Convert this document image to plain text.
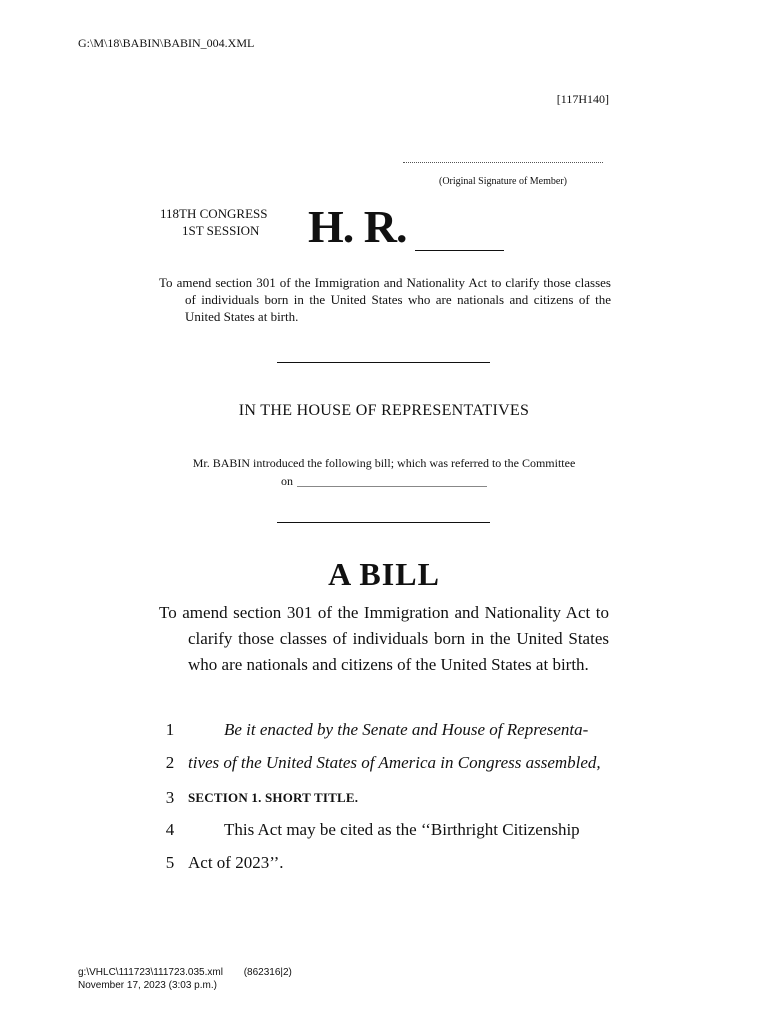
G:\M\18\BABIN\BABIN_004.XML
[117H140]
(Original Signature of Member)
118TH CONGRESS
1ST SESSION H. R.
To amend section 301 of the Immigration and Nationality Act to clarify those classes of individuals born in the United States who are nationals and citizens of the United States at birth.
IN THE HOUSE OF REPRESENTATIVES
Mr. BABIN introduced the following bill; which was referred to the Committee
on
A BILL
To amend section 301 of the Immigration and Nationality Act to clarify those classes of individuals born in the United States who are nationals and citizens of the United States at birth.
1	Be it enacted by the Senate and House of Representa-
2 tives of the United States of America in Congress assembled,
3 SECTION 1. SHORT TITLE.
4	This Act may be cited as the ‘‘Birthright Citizenship
5 Act of 2023’’.
g:\VHLC\111723\111723.035.xml (862316|2)
November 17, 2023 (3:03 p.m.)
